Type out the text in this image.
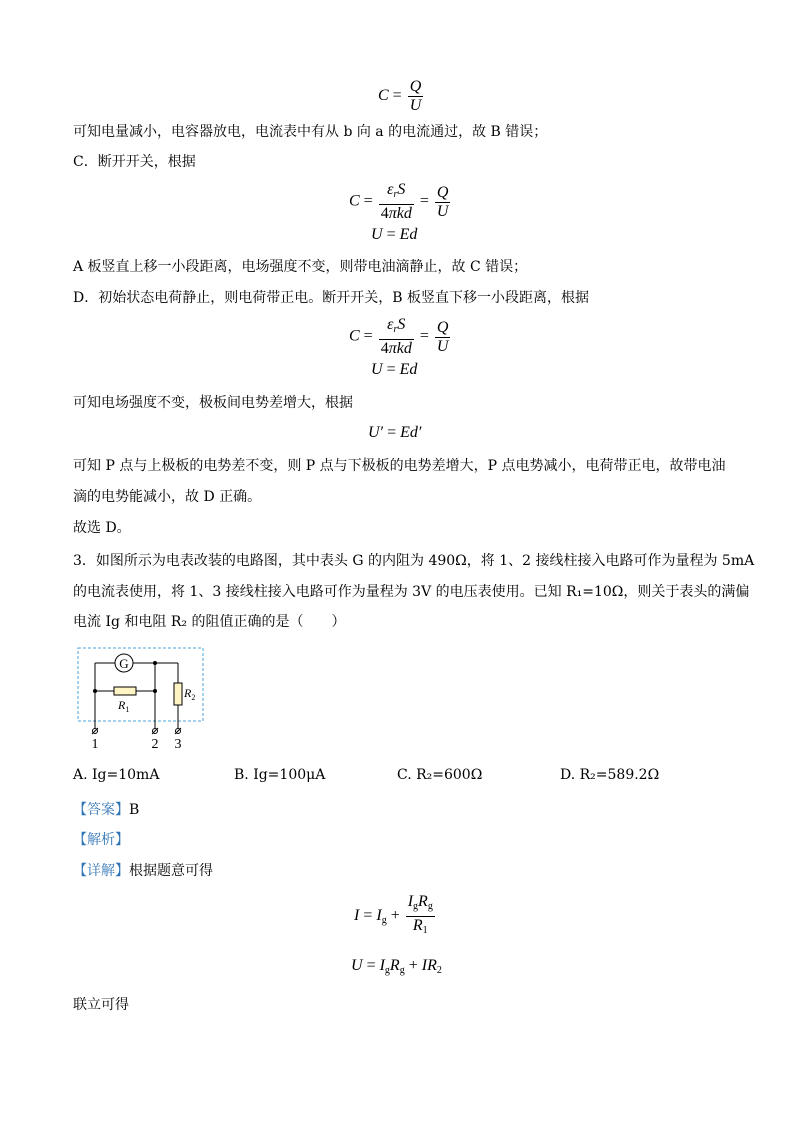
$C = \frac{Q}{U}$
可知电量减小，电容器放电，电流表中有从 b 向 a 的电流通过，故 B 错误；
C．断开开关，根据
$C = \frac{\varepsilon_rS}{\text{4πkd}} = \frac{Q}{U}$
U = Ed
A 板竖直上移一小段距离，电场强度不变，则带电油滴静止，故 C 错误；
D．初始状态电荷静止，则电荷带正电。断开开关，B 板竖直下移一小段距离，根据
$C = \frac{\varepsilon_rS}{\text{4πkd}} = \frac{Q}{U}$
U = Ed
可知电场强度不变，极板间电势差增大，根据
U′ = Ed′
可知 P 点与上极板的电势差不变，则 P 点与下极板的电势差增大，P 点电势减小，电荷带正电，故带电油
滴的电势能减小，故 D 正确。
故选 D。
3．如图所示为电表改装的电路图，其中表头 G 的内阻为 490Ω，将 1、2 接线柱接入电路可作为量程为 5mA
的电流表使用，将 1、3 接线柱接入电路可作为量程为 3V 的电压表使用。已知 R₁=10Ω，则关于表头的满偏
电流 Ig 和电阻 R₂ 的阻值正确的是（　　）
G
$R_1$
$R_2$
1	2 3
A. Ig=10mA	B. Ig=100μA	C. R₂=600Ω	D. R₂=589.2Ω
【答案】B
【解析】
【详解】根据题意可得
$I = I_g + \frac{I_gR_g}{R_1}$
$U = I_gR_g + IR_2$
联立可得
